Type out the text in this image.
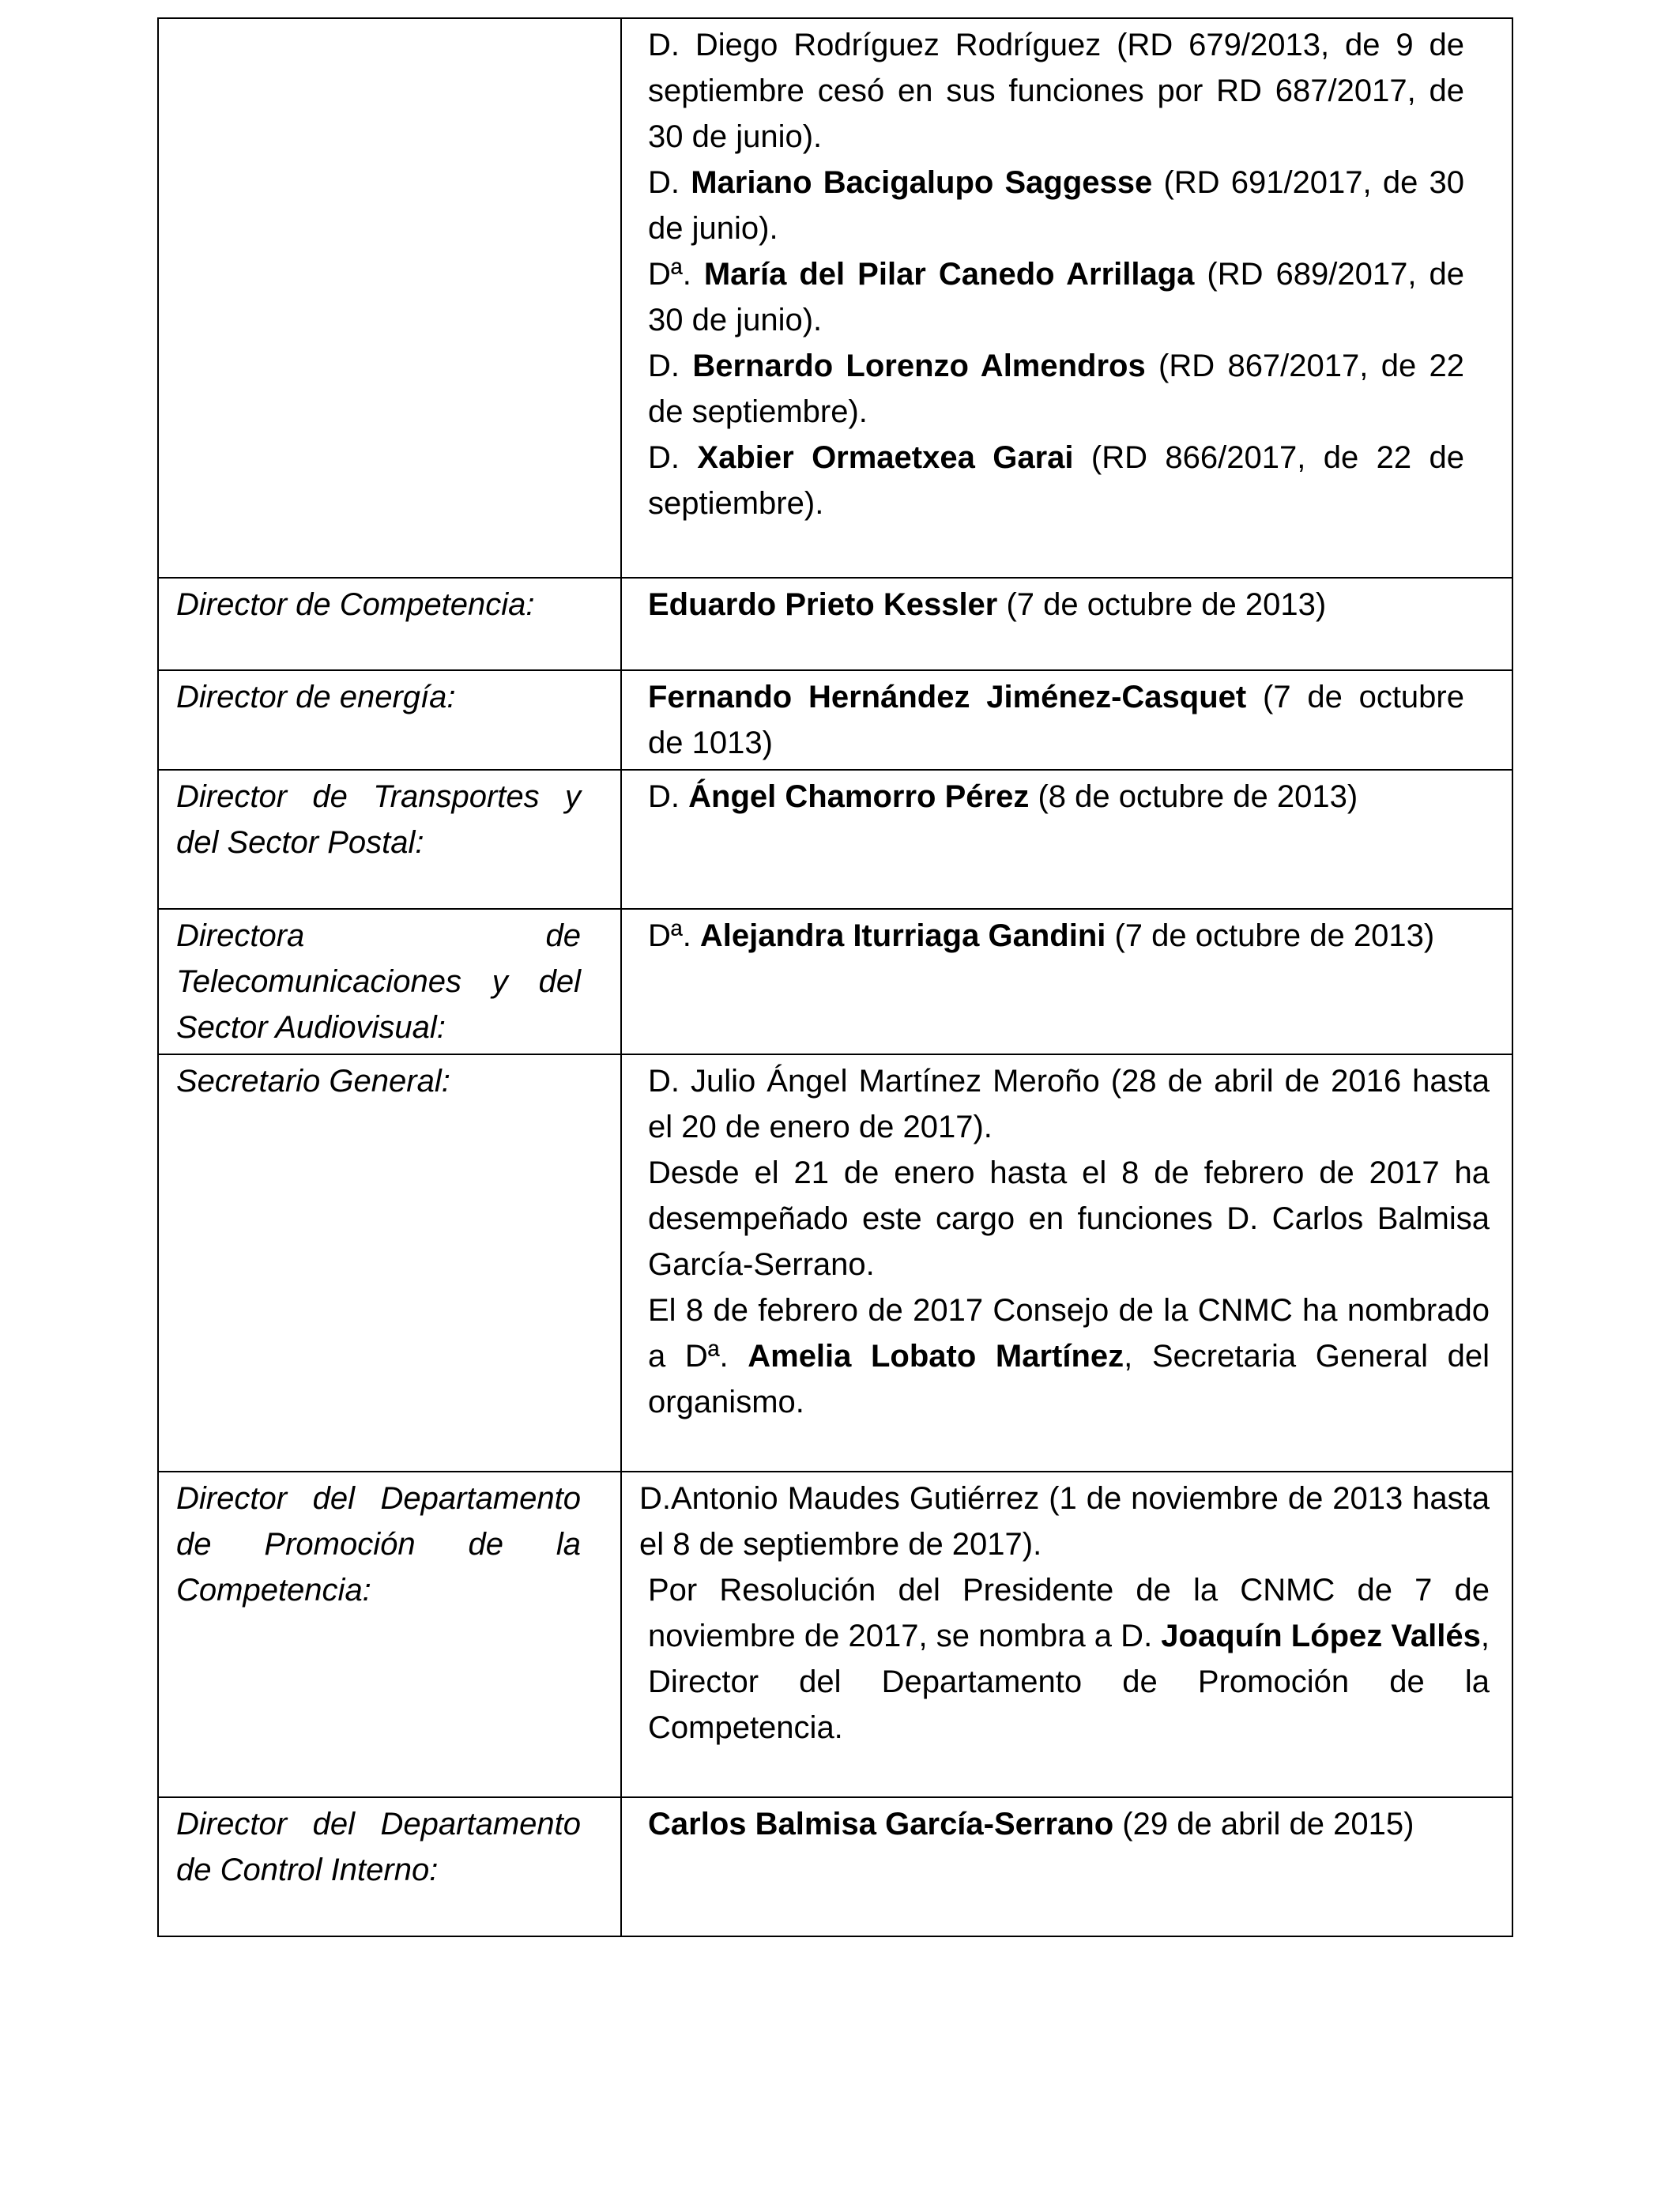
	D. Diego Rodríguez Rodríguez (RD 679/2013, de 9 de septiembre cesó en sus funciones por RD 687/2017, de 30 de junio).
D. Mariano Bacigalupo Saggesse (RD 691/2017, de 30 de junio).
Dª. María del Pilar Canedo Arrillaga (RD 689/2017, de 30 de junio).
D. Bernardo Lorenzo Almendros (RD 867/2017, de 22 de septiembre).
D. Xabier Ormaetxea Garai (RD 866/2017, de 22 de septiembre).

Director de Competencia:	Eduardo Prieto Kessler (7 de octubre de 2013)

Director de energía:	Fernando Hernández Jiménez-Casquet (7 de octubre de 1013)

Director de Transportes y del Sector Postal:	D. Ángel Chamorro Pérez (8 de octubre de 2013)

Directora de Telecomunicaciones y del Sector Audiovisual:	Dª. Alejandra Iturriaga Gandini (7 de octubre de 2013)

Secretario General:	D. Julio Ángel Martínez Meroño (28 de abril de 2016 hasta el 20 de enero de 2017).
Desde el 21 de enero hasta el 8 de febrero de 2017 ha desempeñado este cargo en funciones D. Carlos Balmisa García-Serrano.
El 8 de febrero de 2017 Consejo de la CNMC ha nombrado a Dª. Amelia Lobato Martínez, Secretaria General del organismo.

Director del Departamento de Promoción de la Competencia:	D.Antonio Maudes Gutiérrez (1 de noviembre de 2013 hasta el 8 de septiembre de 2017).
Por Resolución del Presidente de la CNMC de 7 de noviembre de 2017, se nombra a D. Joaquín López Vallés, Director del Departamento de Promoción de la Competencia.

Director del Departamento de Control Interno:	Carlos Balmisa García-Serrano (29 de abril de 2015)
